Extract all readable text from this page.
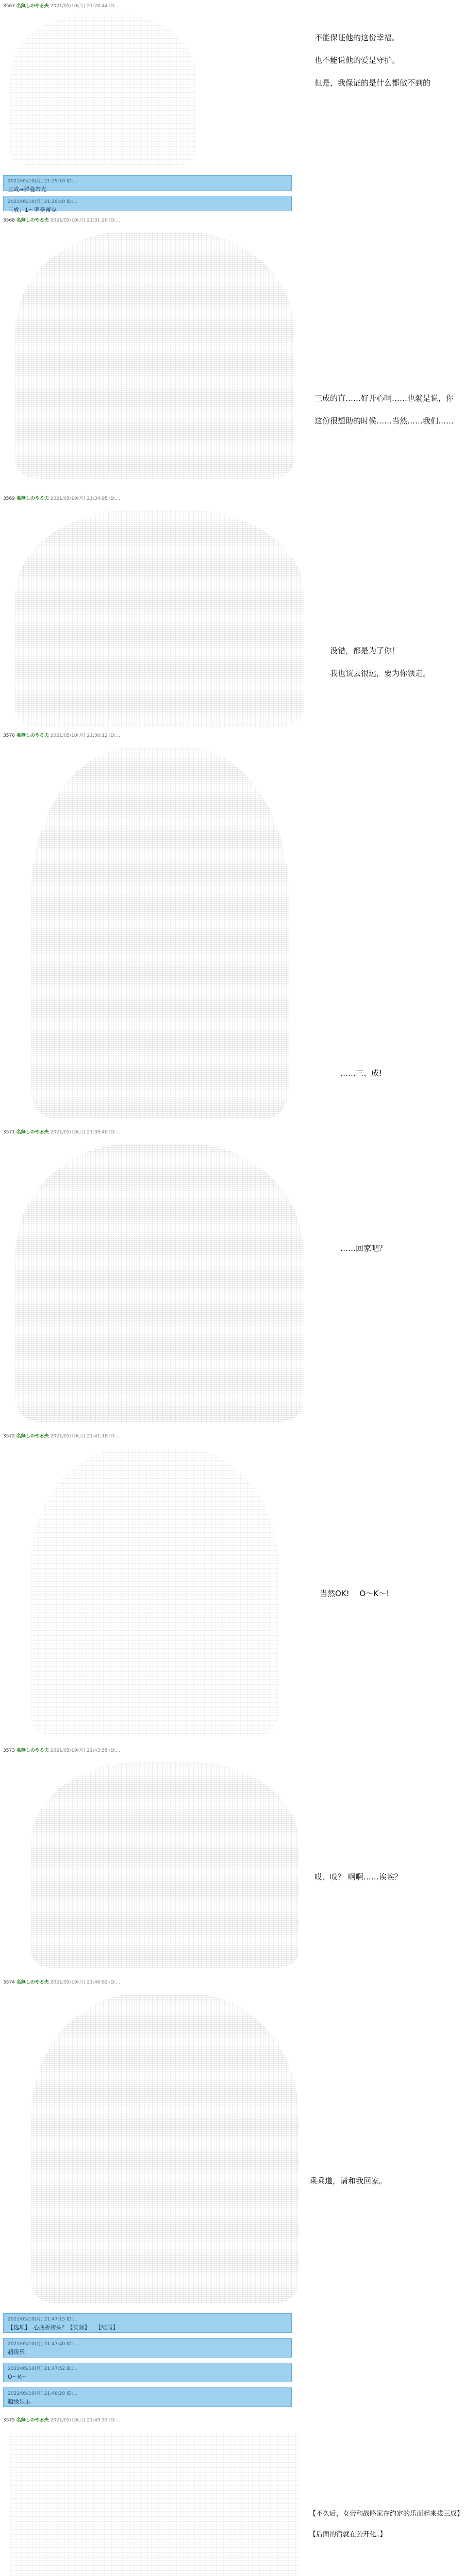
3567 名無しのやる夫 2021/05/10(月) 21:28:44 ID:...

不能保证他的这份幸福。

也不能说他的爱是守护。

但是，我保证的是什么都做不到的

2021/05/10(月) 21:29:10 ID:...
三成→罗曼蒂克
2021/05/10(月) 21:29:40 ID:...
三成：1～罗曼蒂克
3568 名無しのやる夫 2021/05/10(月) 21:31:20 ID:...

三成的直……好开心啊……也就是说，你

这份很想助的时候……当然……我们……

3569 名無しのやる夫 2021/05/10(月) 21:34:05 ID:...

没错，都是为了你！

我也该去很远，要为你领走。

3570 名無しのやる夫 2021/05/10(月) 21:36:12 ID:...

……三、成!

3571 名無しのやる夫 2021/05/10(月) 21:39:40 ID:...

……回家吧？

3572 名無しのやる夫 2021/05/10(月) 21:41:18 ID:...

当然OK! 　O～K～!

3573 名無しのやる夫 2021/05/10(月) 21:43:55 ID:...

哎、哎？ 啊啊……诶诶？

3574 名無しのやる夫 2021/05/10(月) 21:46:02 ID:...

乘乘道，请和我回家。

2021/05/10(月) 21:47:15 ID:...
【选项】　心底祈祷头？【实际】　　【结局】
2021/05/10(月) 21:47:40 ID:...
超级乐
2021/05/10(月) 21:47:52 ID:...
O～K～
2021/05/10(月) 21:48:20 ID:...
超级乐乐
3575 名無しのやる夫 2021/05/10(月) 21:49:33 ID:...

【不久后，女帝和战略家在约定的乐而起来拔三成】

【后面的宿就在公开化。】
